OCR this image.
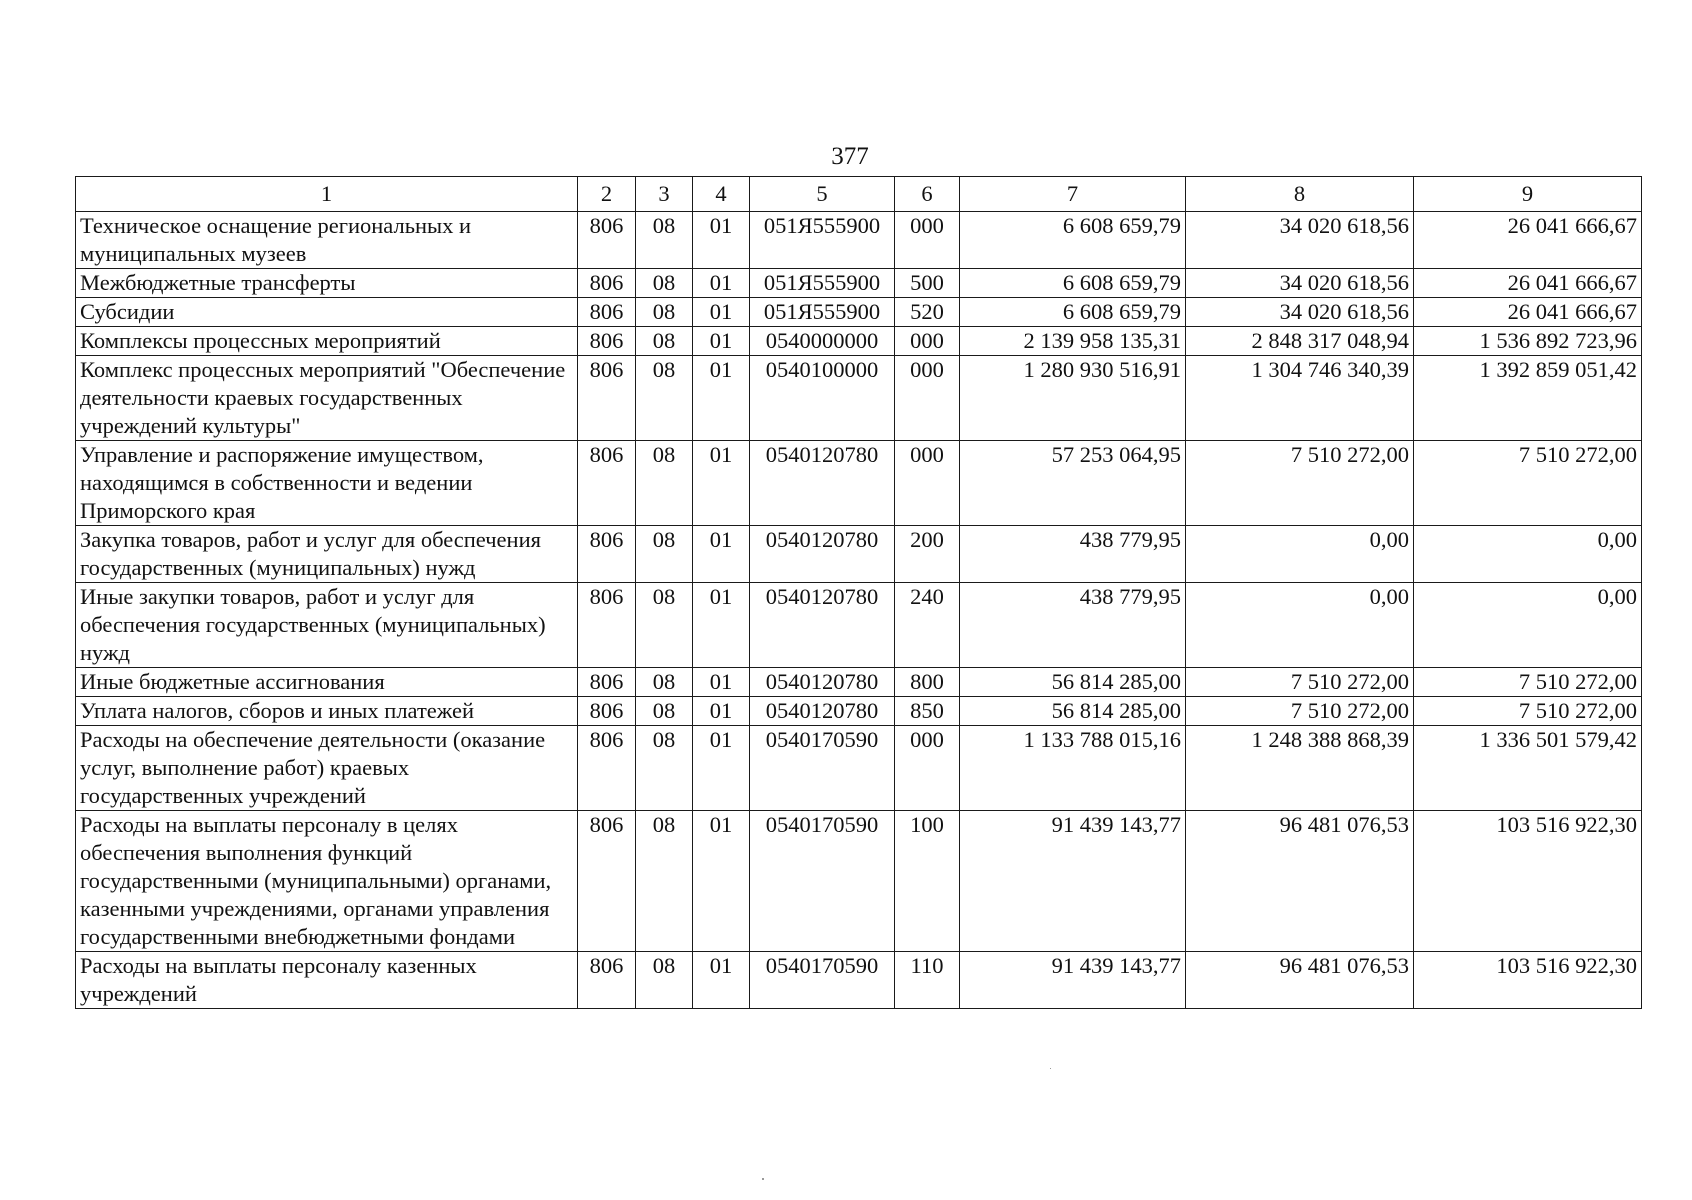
377
1	2	3	4	5	6	7	8	9
Техническое оснащение региональных и муниципальных музеев	806	08	01	051Я555900	000	6 608 659,79	34 020 618,56	26 041 666,67
Межбюджетные трансферты	806	08	01	051Я555900	500	6 608 659,79	34 020 618,56	26 041 666,67
Субсидии	806	08	01	051Я555900	520	6 608 659,79	34 020 618,56	26 041 666,67
Комплексы процессных мероприятий	806	08	01	0540000000	000	2 139 958 135,31	2 848 317 048,94	1 536 892 723,96
Комплекс процессных мероприятий "Обеспечение деятельности краевых государственных учреждений культуры"	806	08	01	0540100000	000	1 280 930 516,91	1 304 746 340,39	1 392 859 051,42
Управление и распоряжение имуществом, находящимся в собственности и ведении Приморского края	806	08	01	0540120780	000	57 253 064,95	7 510 272,00	7 510 272,00
Закупка товаров, работ и услуг для обеспечения государственных (муниципальных) нужд	806	08	01	0540120780	200	438 779,95	0,00	0,00
Иные закупки товаров, работ и услуг для обеспечения государственных (муниципальных) нужд	806	08	01	0540120780	240	438 779,95	0,00	0,00
Иные бюджетные ассигнования	806	08	01	0540120780	800	56 814 285,00	7 510 272,00	7 510 272,00
Уплата налогов, сборов и иных платежей	806	08	01	0540120780	850	56 814 285,00	7 510 272,00	7 510 272,00
Расходы на обеспечение деятельности (оказание услуг, выполнение работ) краевых государственных учреждений	806	08	01	0540170590	000	1 133 788 015,16	1 248 388 868,39	1 336 501 579,42
Расходы на выплаты персоналу в целях обеспечения выполнения функций государственными (муниципальными) органами, казенными учреждениями, органами управления государственными внебюджетными фондами	806	08	01	0540170590	100	91 439 143,77	96 481 076,53	103 516 922,30
Расходы на выплаты персоналу казенных учреждений	806	08	01	0540170590	110	91 439 143,77	96 481 076,53	103 516 922,30
